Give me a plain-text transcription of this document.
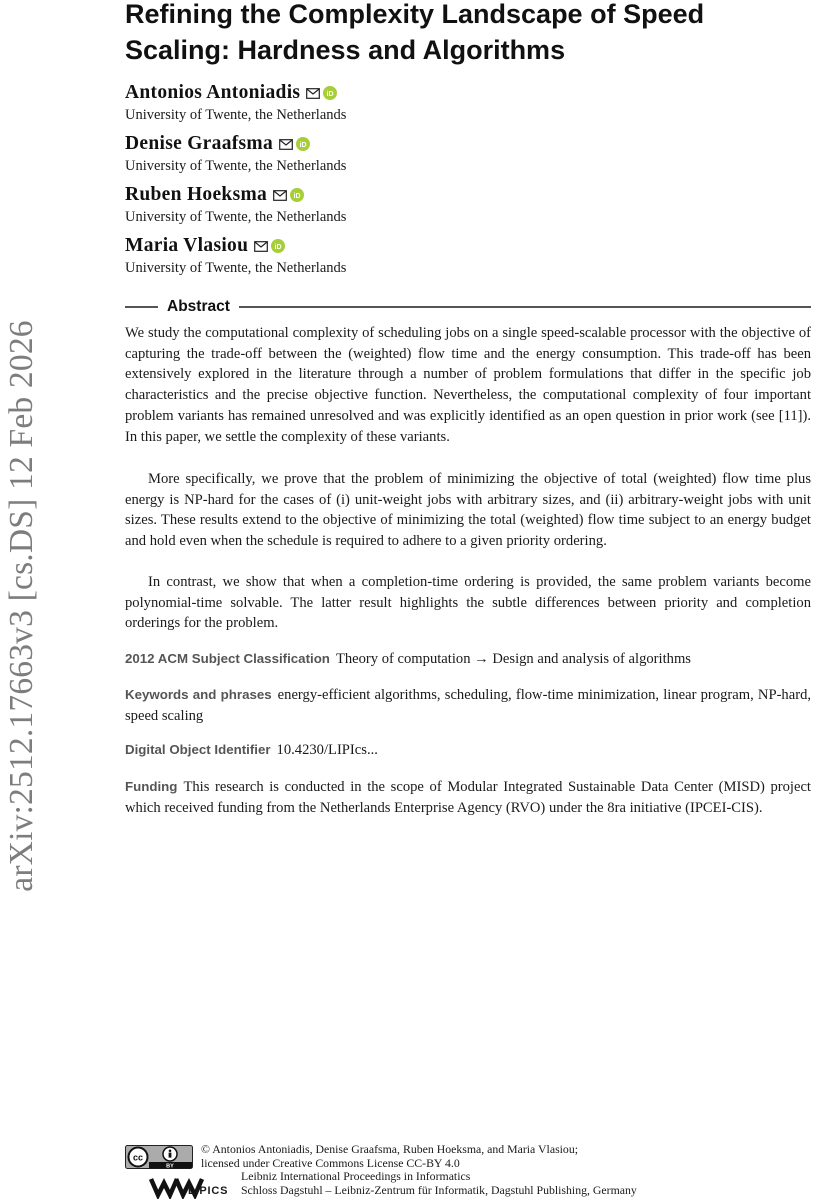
arXiv:2512.17663v3 [cs.DS] 12 Feb 2026
Refining the Complexity Landscape of Speed Scaling: Hardness and Algorithms
Antonios Antoniadis	iD
University of Twente, the Netherlands
Denise Graafsma	iD
University of Twente, the Netherlands
Ruben Hoeksma	iD
University of Twente, the Netherlands
Maria Vlasiou	iD
University of Twente, the Netherlands
Abstract

We study the computational complexity of scheduling jobs on a single speed-scalable processor with the objective of capturing the trade-off between the (weighted) flow time and the energy consumption. This trade-off has been extensively explored in the literature through a number of problem formulations that differ in the specific job characteristics and the precise objective function. Nevertheless, the computational complexity of four important problem variants has remained unresolved and was explicitly identified as an open question in prior work (see [11]). In this paper, we settle the complexity of these variants.

More specifically, we prove that the problem of minimizing the objective of total (weighted) flow time plus energy is NP-hard for the cases of (i) unit-weight jobs with arbitrary sizes, and (ii) arbitrary-weight jobs with unit sizes. These results extend to the objective of minimizing the total (weighted) flow time subject to an energy budget and hold even when the schedule is required to adhere to a given priority ordering.

In contrast, we show that when a completion-time ordering is provided, the same problem variants become polynomial-time solvable. The latter result highlights the subtle differences between priority and completion orderings for the problem.

2012 ACM Subject Classification Theory of computation → Design and analysis of algorithms

Keywords and phrases energy-efficient algorithms, scheduling, flow-time minimization, linear program, NP-hard, speed scaling

Digital Object Identifier 10.4230/LIPIcs...

Funding This research is conducted in the scope of Modular Integrated Sustainable Data Center (MISD) project which received funding from the Netherlands Enterprise Agency (RVO) under the 8ra initiative (IPCEI-CIS).

cc
BY
LIPICS
© Antonios Antoniadis, Denise Graafsma, Ruben Hoeksma, and Maria Vlasiou;
licensed under Creative Commons License CC-BY 4.0
Leibniz International Proceedings in Informatics
Schloss Dagstuhl – Leibniz-Zentrum für Informatik, Dagstuhl Publishing, Germany
